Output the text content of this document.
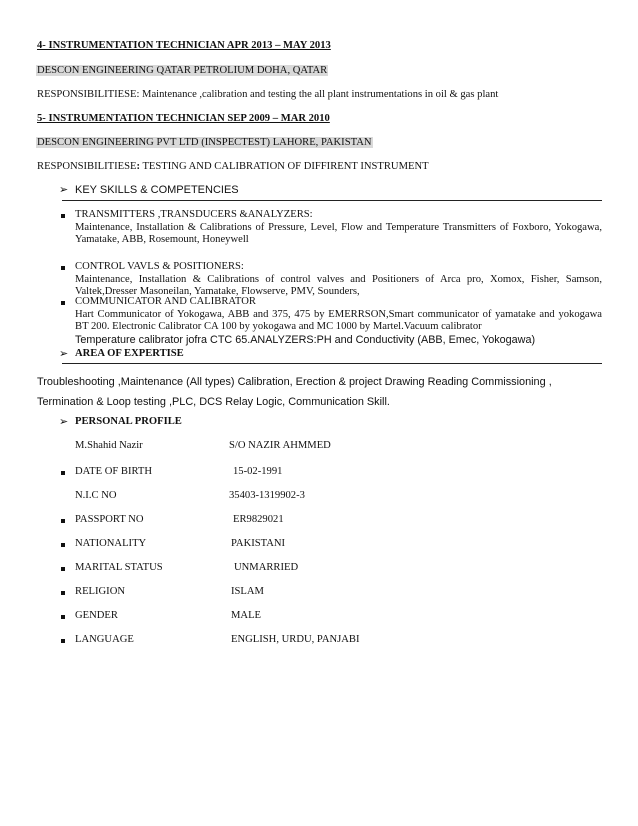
4- INSTRUMENTATION TECHNICIAN APR 2013 – MAY 2013
DESCON ENGINEERING QATAR PETROLIUM DOHA, QATAR
RESPONSIBILITIESE: Maintenance ,calibration and testing the all plant instrumentations in oil & gas plant
5- INSTRUMENTATION TECHNICIAN SEP 2009 – MAR 2010
DESCON ENGINEERING PVT LTD (INSPECTEST) LAHORE, PAKISTAN
RESPONSIBILITIESE: TESTING AND CALIBRATION OF DIFFIRENT INSTRUMENT
➢ KEY SKILLS & COMPETENCIES
TRANSMITTERS ,TRANSDUCERS &ANALYZERS:
Maintenance, Installation & Calibrations of Pressure, Level, Flow and Temperature Transmitters of Foxboro, Yokogawa, Yamatake, ABB, Rosemount, Honeywell
CONTROL VAVLS & POSITIONERS:
Maintenance, Installation & Calibrations of control valves and Positioners of Arca pro, Xomox, Fisher, Samson, Valtek,Dresser Masoneilan, Yamatake, Flowserve, PMV, Sounders,
COMMUNICATOR AND CALIBRATOR
Hart Communicator of Yokogawa, ABB and 375, 475 by EMERRSON,Smart communicator of yamatake and yokogawa BT 200. Electronic Calibrator CA 100 by yokogawa and MC 1000 by Martel.Vacuum calibrator
Temperature calibrator jofra CTC 65.ANALYZERS:PH and Conductivity (ABB, Emec, Yokogawa)
➢ AREA OF EXPERTISE
Troubleshooting ,Maintenance (All types) Calibration, Erection & project Drawing Reading Commissioning , Termination & Loop testing ,PLC, DCS Relay Logic, Communication Skill.
➢ PERSONAL PROFILE
M.Shahid Nazir	S/O NAZIR AHMMED
DATE OF BIRTH	15-02-1991
N.I.C NO	35403-1319902-3
PASSPORT NO	ER9829021
NATIONALITY	PAKISTANI
MARITAL STATUS	UNMARRIED
RELIGION	ISLAM
GENDER	MALE
LANGUAGE	ENGLISH, URDU, PANJABI
